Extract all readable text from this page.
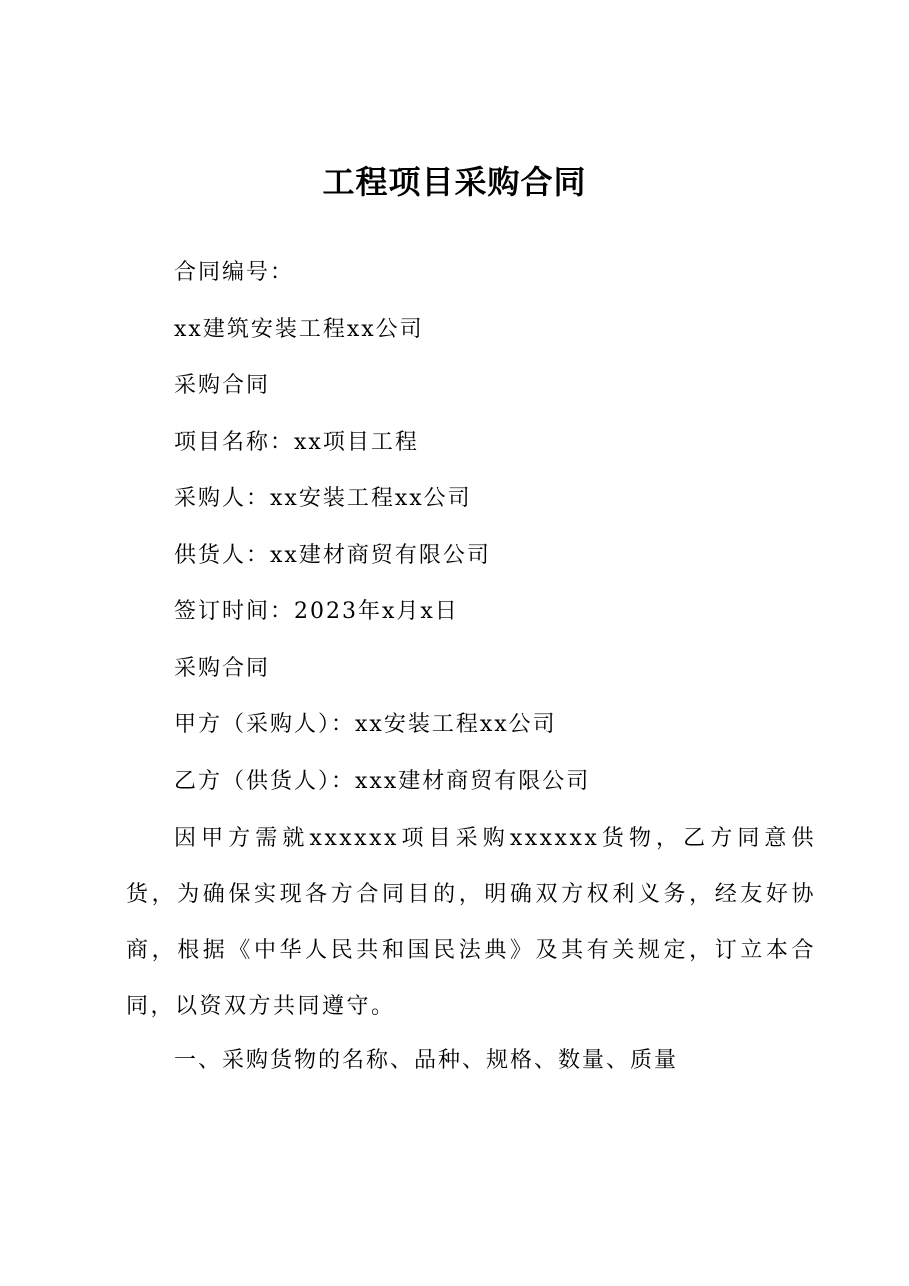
工程项目采购合同
合同编号：
xx建筑安装工程xx公司
采购合同
项目名称：xx项目工程
采购人：xx安装工程xx公司
供货人：xx建材商贸有限公司
签订时间：2023年x月x日
采购合同
甲方（采购人）：xx安装工程xx公司
乙方（供货人）：xxx建材商贸有限公司

因甲方需就xxxxxx项目采购xxxxxx货物，乙方同意供货，为确保实现各方合同目的，明确双方权利义务，经友好协商，根据《中华人民共和国民法典》及其有关规定，订立本合同，以资双方共同遵守。

一、采购货物的名称、品种、规格、数量、质量
